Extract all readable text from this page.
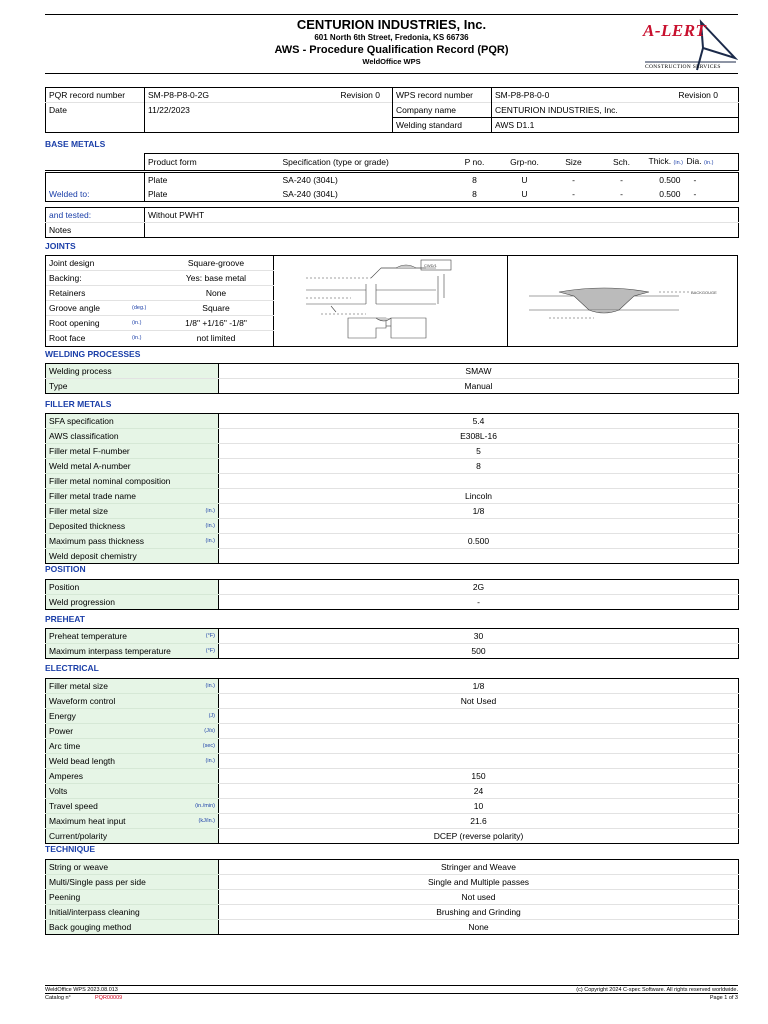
CENTURION INDUSTRIES, Inc.
601 North 6th Street, Fredonia, KS 66736
AWS - Procedure Qualification Record (PQR)
WeldOffice WPS
A-LERT
CONSTRUCTION SERVICES
PQR record number	SM-P8-P8-0-2G	Revision 0	WPS record number	SM-P8-P8-0-0	Revision 0
Date	11/22/2023		Company name	CENTURION INDUSTRIES, Inc.	
			Welding standard	AWS D1.1	
BASE METALS
	Product form	Specification (type or grade)	P no.	Grp-no.	Size	Sch.	Thick. (in.)	Dia. (in.)
	Plate	SA-240 (304L)	8	U	-	-	0.500	-
Welded to:	Plate	SA-240 (304L)	8	U	-	-	0.500	-
and tested:	Without PWHT
Notes	
JOINTS
Joint design	Square-groove
Backing:	Yes: base metal
Retainers	None
Groove angle	(deg.)	Square
Root opening	(in.)	1/8" +1/16" -1/8"
Root face	(in.)	not limited
CWD/1
BACKGOUGE
WELDING PROCESSES
Welding process	SMAW
Type	Manual
FILLER METALS
SFA specification	5.4
AWS classification	E308L-16
Filler metal F-number	5
Weld metal A-number	8
Filler metal nominal composition

Filler metal trade name	Lincoln
Filler metal size (in.)	1/8
Deposited thickness (in.)	

Maximum pass thickness (in.)	0.500
Weld deposit chemistry

POSITION
Position	2G
Weld progression	-
PREHEAT
Preheat temperature (°F)	30
Maximum interpass temperature (°F)	500
ELECTRICAL
Filler metal size (in.)	1/8
Waveform control	Not Used
Energy (J)	

Power (J/s)	

Arc time (sec)	

Weld bead length (in.)	

Amperes	150
Volts	24
Travel speed (in./min)	10
Maximum heat input (kJ/in.)	21.6
Current/polarity	DCEP (reverse polarity)
TECHNIQUE
String or weave	Stringer and Weave
Multi/Single pass per side	Single and Multiple passes
Peening	Not used
Initial/interpass cleaning	Brushing and Grinding
Back gouging method	None
WeldOffice WPS 2023.08.013	(c) Copyright 2024 C-spec Software. All rights reserved worldwide.
Catalog n°	PQR00009	Page 1 of 3
